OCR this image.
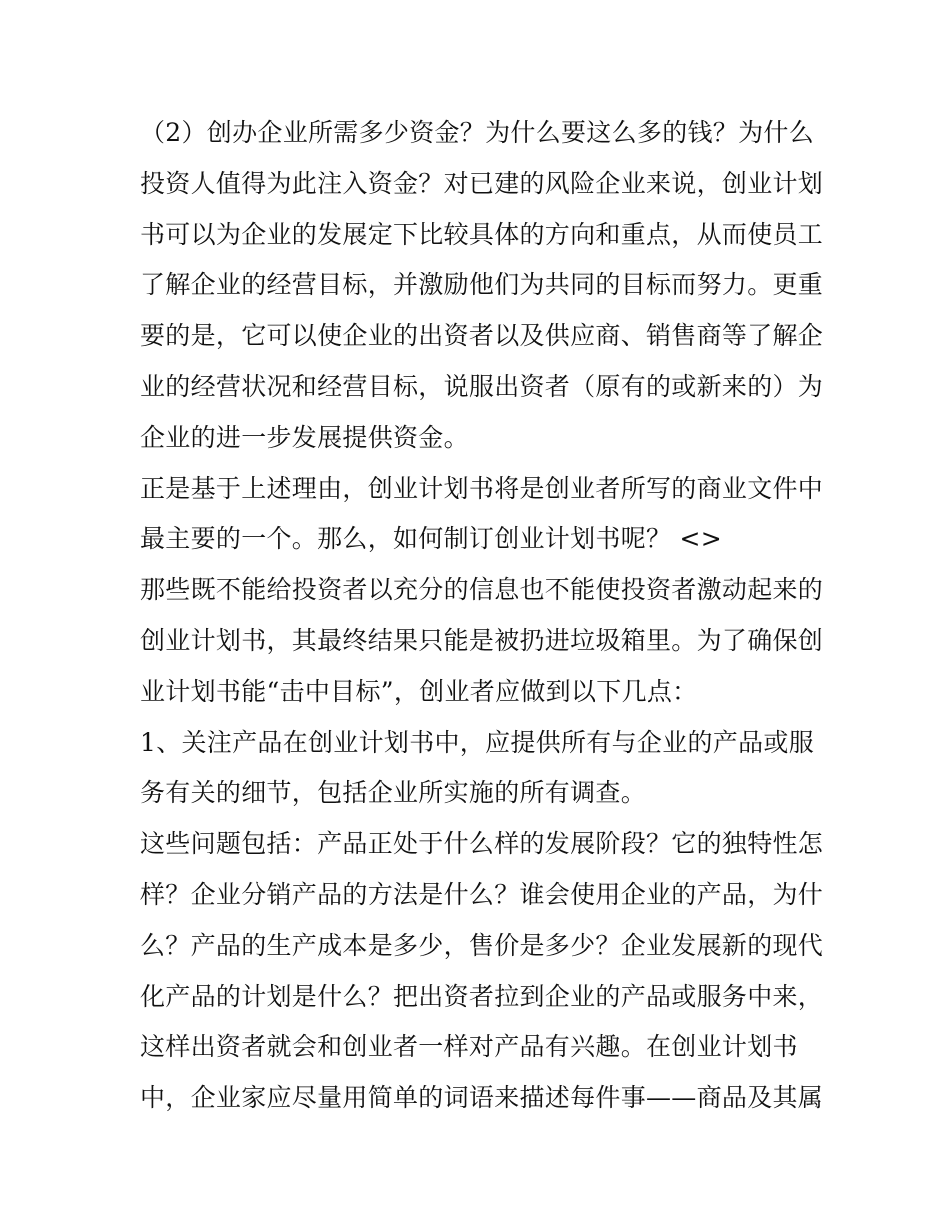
（2）创办企业所需多少资金？为什么要这么多的钱？为什么
投资人值得为此注入资金？对已建的风险企业来说，创业计划
书可以为企业的发展定下比较具体的方向和重点，从而使员工
了解企业的经营目标，并激励他们为共同的目标而努力。更重
要的是，它可以使企业的出资者以及供应商、销售商等了解企
业的经营状况和经营目标，说服出资者（原有的或新来的）为
企业的进一步发展提供资金。
正是基于上述理由，创业计划书将是创业者所写的商业文件中
最主要的一个。那么，如何制订创业计划书呢？ <>
那些既不能给投资者以充分的信息也不能使投资者激动起来的
创业计划书，其最终结果只能是被扔进垃圾箱里。为了确保创
业计划书能“击中目标”，创业者应做到以下几点：
1、关注产品在创业计划书中，应提供所有与企业的产品或服
务有关的细节，包括企业所实施的所有调查。
这些问题包括：产品正处于什么样的发展阶段？它的独特性怎
样？企业分销产品的方法是什么？谁会使用企业的产品，为什
么？产品的生产成本是多少，售价是多少？企业发展新的现代
化产品的计划是什么？把出资者拉到企业的产品或服务中来，
这样出资者就会和创业者一样对产品有兴趣。在创业计划书
中，企业家应尽量用简单的词语来描述每件事——商品及其属
